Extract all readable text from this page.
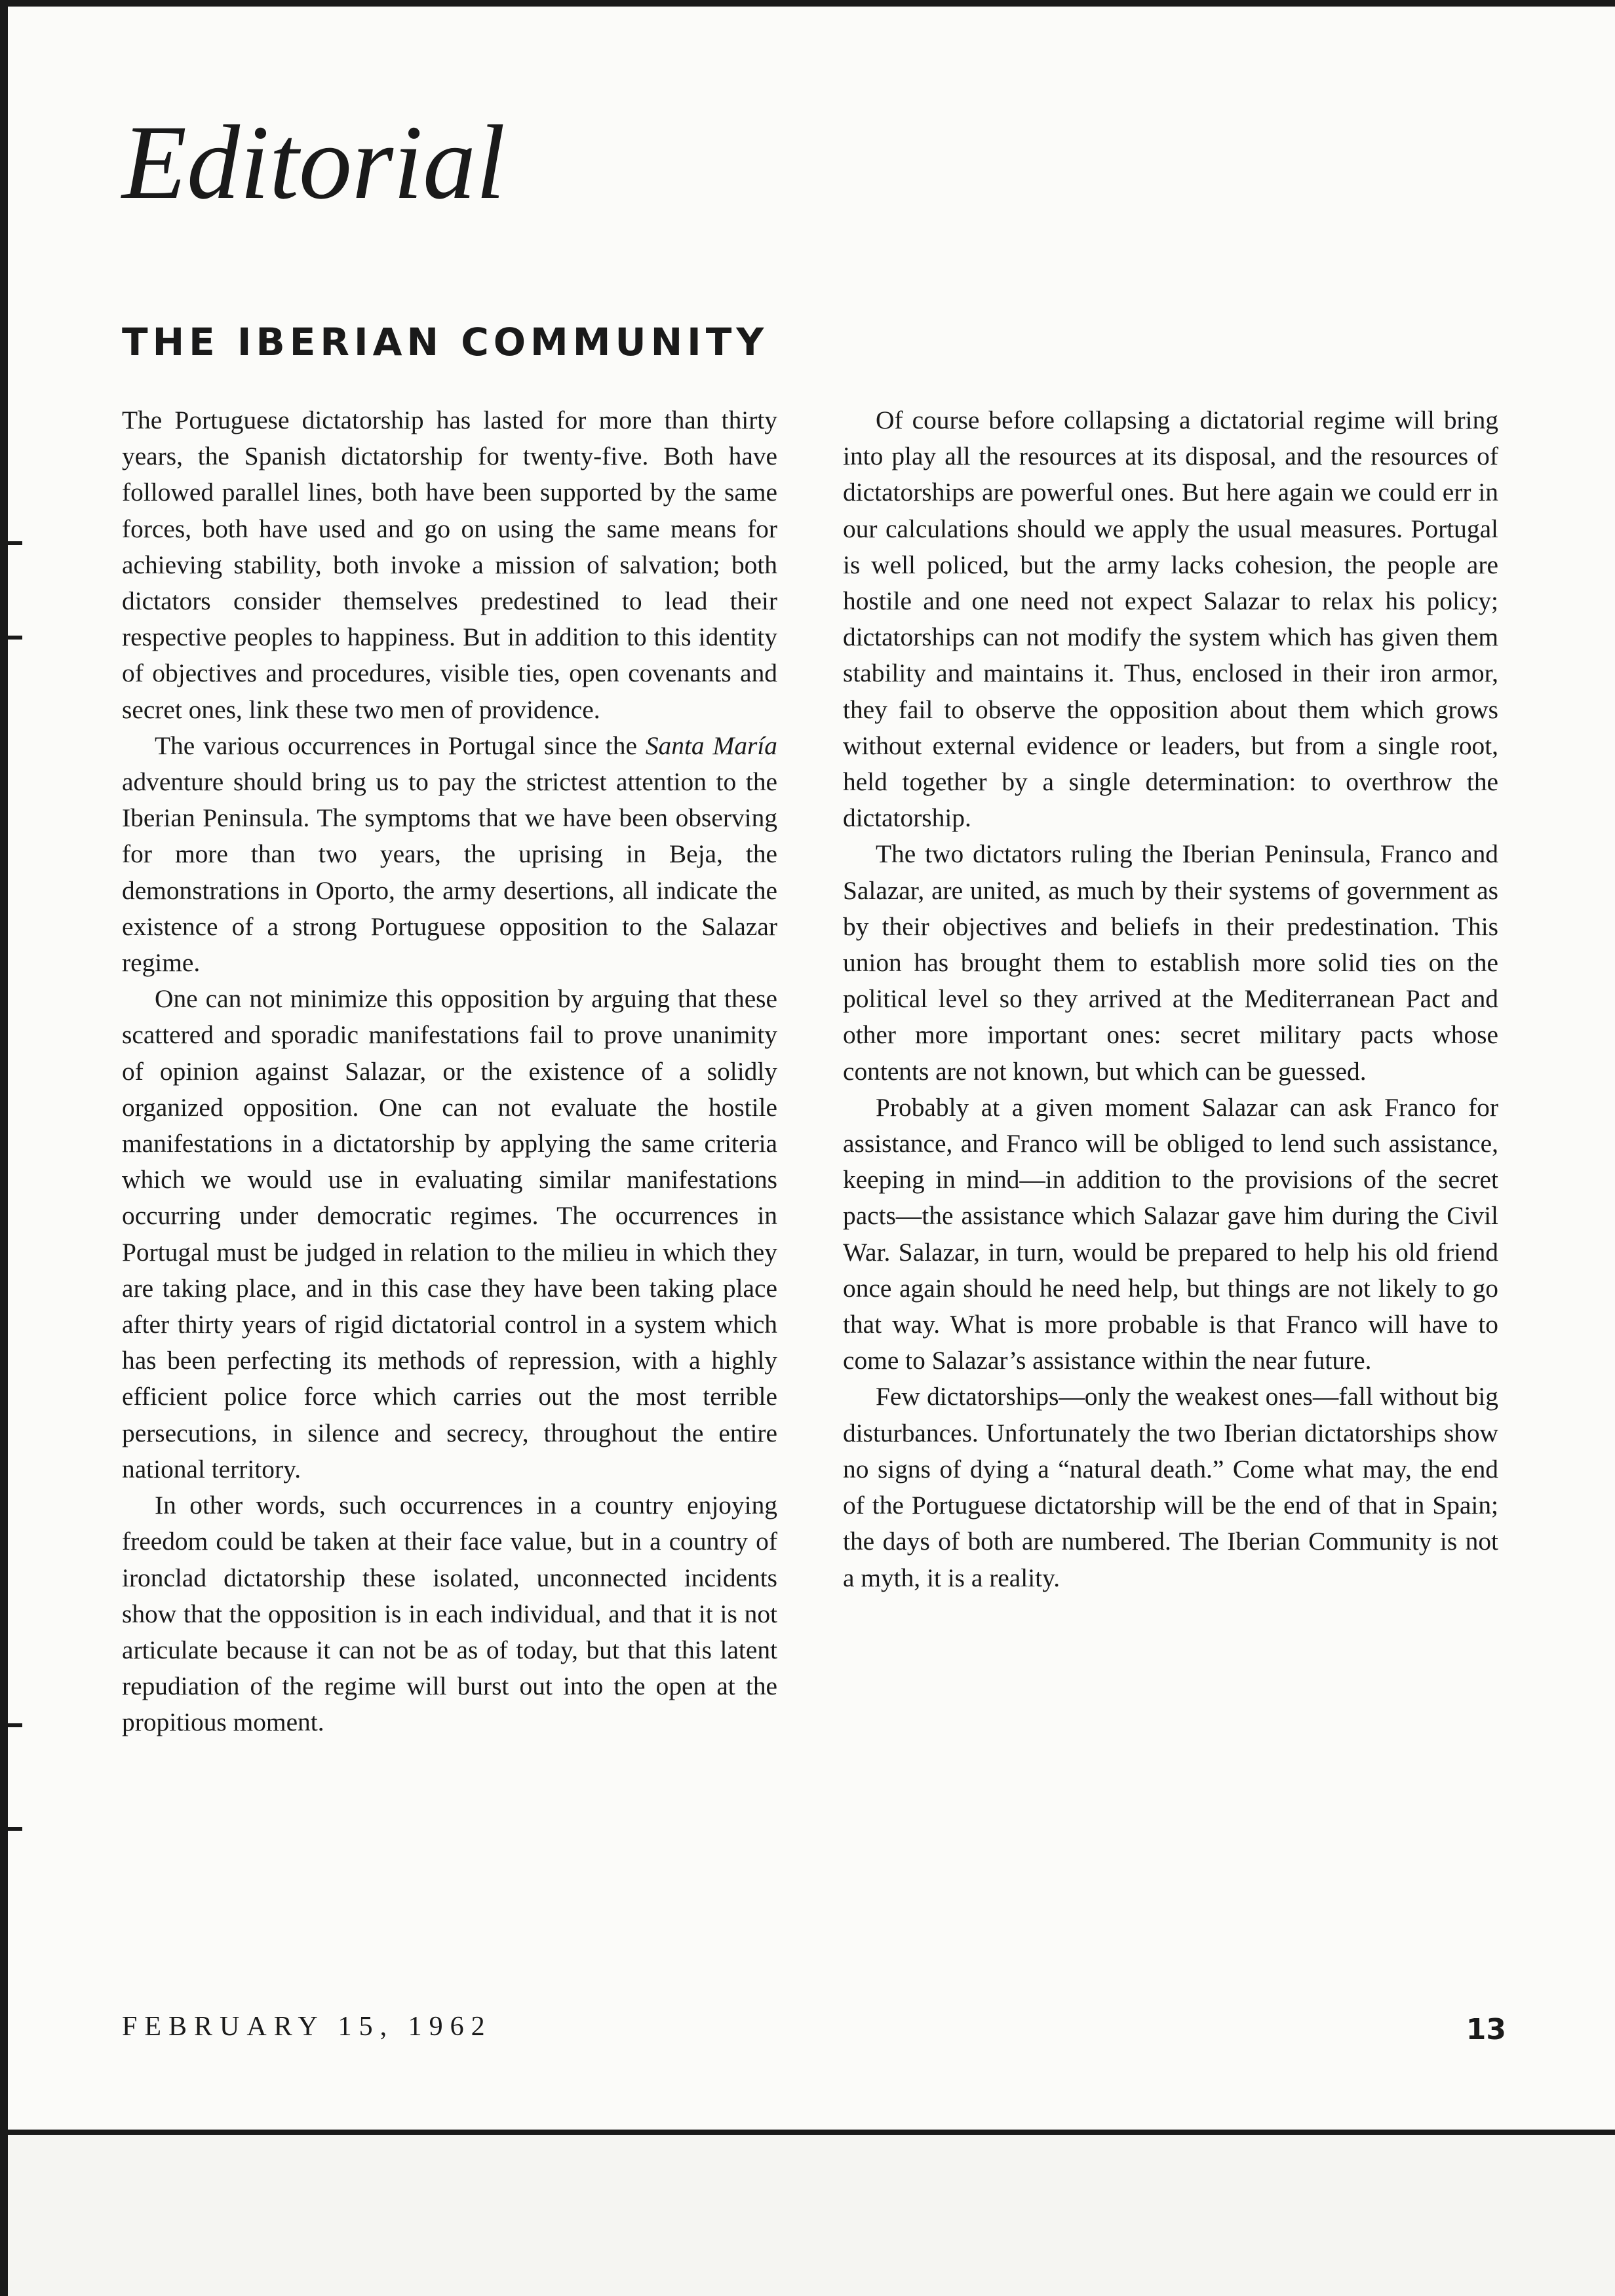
Editorial
THE IBERIAN COMMUNITY

The Portuguese dictatorship has lasted for more than thirty years, the Spanish dictatorship for twenty-five. Both have followed parallel lines, both have been supported by the same forces, both have used and go on using the same means for achieving stability, both invoke a mission of salvation; both dictators consider themselves predestined to lead their respective peoples to happiness. But in addition to this identity of objectives and procedures, visible ties, open covenants and secret ones, link these two men of providence.

The various occurrences in Portugal since the Santa María adventure should bring us to pay the strictest attention to the Iberian Peninsula. The symptoms that we have been observing for more than two years, the uprising in Beja, the demonstrations in Oporto, the army desertions, all indicate the existence of a strong Portuguese opposition to the Salazar regime.

One can not minimize this opposition by arguing that these scattered and sporadic manifestations fail to prove unanimity of opinion against Salazar, or the existence of a solidly organized opposition. One can not evaluate the hostile manifestations in a dictatorship by applying the same criteria which we would use in evaluating similar manifestations occurring under democratic regimes. The occurrences in Portugal must be judged in relation to the milieu in which they are taking place, and in this case they have been taking place after thirty years of rigid dictatorial control in a system which has been perfecting its methods of repression, with a highly efficient police force which carries out the most terrible persecutions, in silence and secrecy, throughout the entire national territory.

In other words, such occurrences in a country enjoying freedom could be taken at their face value, but in a country of ironclad dictatorship these isolated, unconnected incidents show that the opposition is in each individual, and that it is not articulate because it can not be as of today, but that this latent repudiation of the regime will burst out into the open at the propitious moment.

Of course before collapsing a dictatorial regime will bring into play all the resources at its disposal, and the resources of dictatorships are powerful ones. But here again we could err in our calculations should we apply the usual measures. Portugal is well policed, but the army lacks cohesion, the people are hostile and one need not expect Salazar to relax his policy; dictatorships can not modify the system which has given them stability and maintains it. Thus, enclosed in their iron armor, they fail to observe the opposition about them which grows without external evidence or leaders, but from a single root, held together by a single determination: to overthrow the dictatorship.

The two dictators ruling the Iberian Peninsula, Franco and Salazar, are united, as much by their systems of government as by their objectives and beliefs in their predestination. This union has brought them to establish more solid ties on the political level so they arrived at the Mediterranean Pact and other more important ones: secret military pacts whose contents are not known, but which can be guessed.

Probably at a given moment Salazar can ask Franco for assistance, and Franco will be obliged to lend such assistance, keeping in mind—in addition to the provisions of the secret pacts—the assistance which Salazar gave him during the Civil War. Salazar, in turn, would be prepared to help his old friend once again should he need help, but things are not likely to go that way. What is more probable is that Franco will have to come to Salazar’s assistance within the near future.

Few dictatorships—only the weakest ones—fall without big disturbances. Unfortunately the two Iberian dictatorships show no signs of dying a “natural death.” Come what may, the end of the Portuguese dictatorship will be the end of that in Spain; the days of both are numbered. The Iberian Community is not a myth, it is a reality.

FEBRUARY 15, 1962	13
